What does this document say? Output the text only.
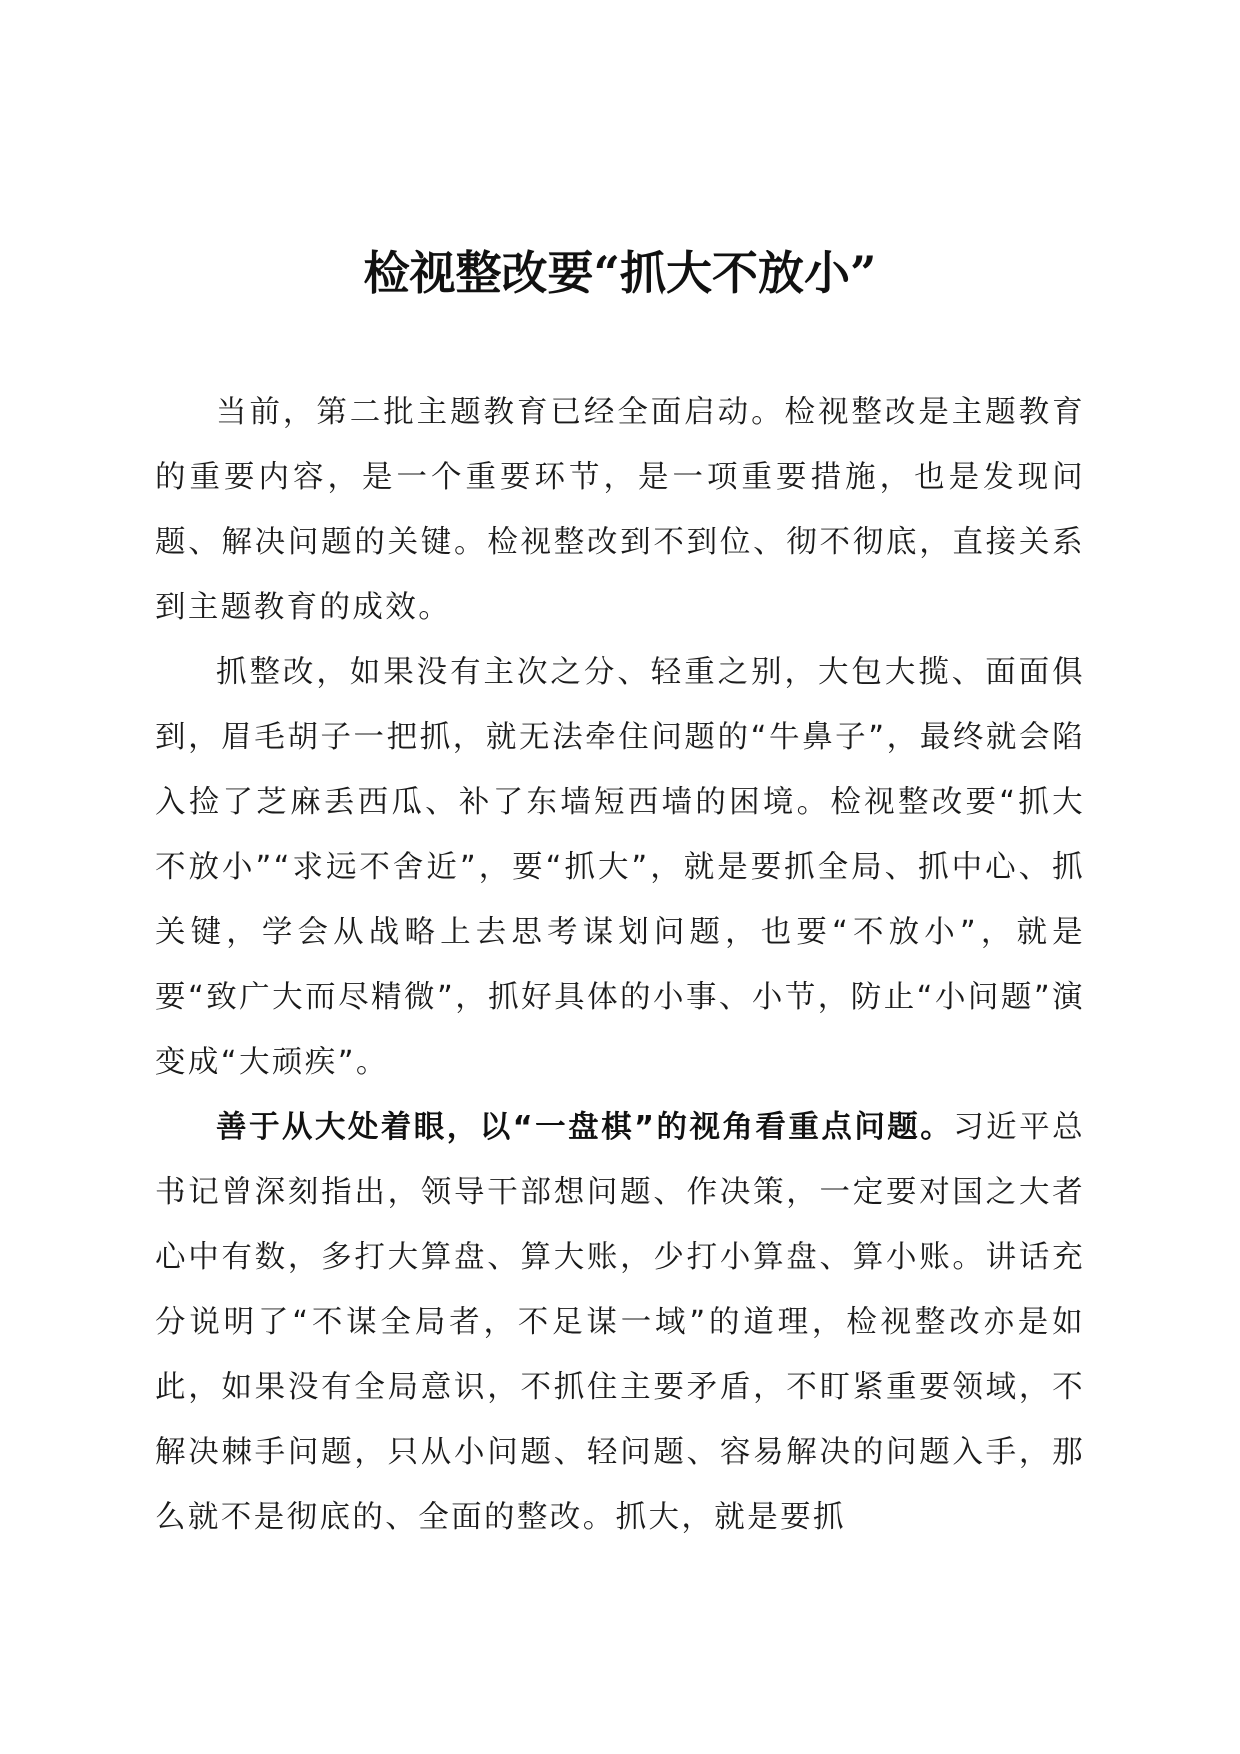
检视整改要“抓大不放小”

当前，第二批主题教育已经全面启动。检视整改是主题教育的重要内容，是一个重要环节，是一项重要措施，也是发现问题、解决问题的关键。检视整改到不到位、彻不彻底，直接关系到主题教育的成效。

抓整改，如果没有主次之分、轻重之别，大包大揽、面面俱到，眉毛胡子一把抓，就无法牵住问题的“牛鼻子”，最终就会陷入捡了芝麻丢西瓜、补了东墙短西墙的困境。检视整改要“抓大不放小”“求远不舍近”，要“抓大”，就是要抓全局、抓中心、抓关键，学会从战略上去思考谋划问题，也要“不放小”，就是要“致广大而尽精微”，抓好具体的小事、小节，防止“小问题”演变成“大顽疾”。

善于从大处着眼，以“一盘棋”的视角看重点问题。习近平总书记曾深刻指出，领导干部想问题、作决策，一定要对国之大者心中有数，多打大算盘、算大账，少打小算盘、算小账。讲话充分说明了“不谋全局者，不足谋一域”的道理，检视整改亦是如此，如果没有全局意识，不抓住主要矛盾，不盯紧重要领域，不解决棘手问题，只从小问题、轻问题、容易解决的问题入手，那么就不是彻底的、全面的整改。抓大，就是要抓
